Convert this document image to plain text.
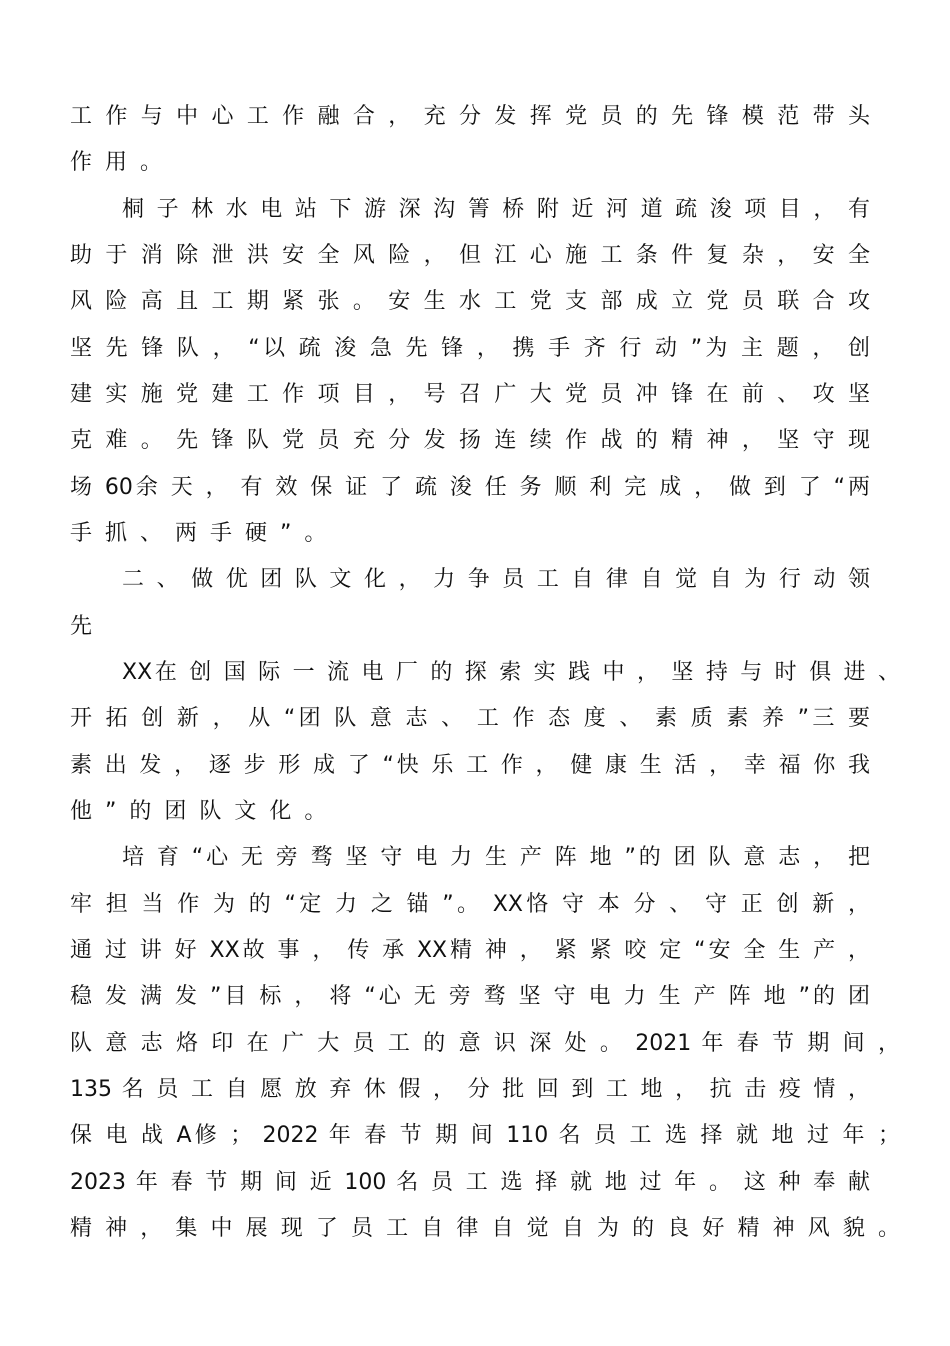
工 作 与 中 心 工 作 融 合 ， 充 分 发 挥 党 员 的 先 锋 模 范 带 头
作用。
桐 子 林 水 电 站 下 游 深 沟 箐 桥 附 近 河 道 疏 浚 项 目 ， 有
助 于 消 除 泄 洪 安 全 风 险 ， 但 江 心 施 工 条 件 复 杂 ， 安 全
风 险 高 且 工 期 紧 张 。 安 生 水 工 党 支 部 成 立 党 员 联 合 攻
坚 先 锋 队 ， “以 疏 浚 急 先 锋 ， 携 手 齐 行 动 ”为 主 题 ， 创
建 实 施 党 建 工 作 项 目 ， 号 召 广 大 党 员 冲 锋 在 前 、 攻 坚
克 难 。 先 锋 队 党 员 充 分 发 扬 连 续 作 战 的 精 神 ， 坚 守 现
场 60余 天 ， 有 效 保 证 了 疏 浚 任 务 顺 利 完 成 ， 做 到 了 “两
手抓、两手硬”。
二 、 做 优 团 队 文 化 ， 力 争 员 工 自 律 自 觉 自 为 行 动 领
先
XX在 创 国 际 一 流 电 厂 的 探 索 实 践 中 ， 坚 持 与 时 俱 进 、
开 拓 创 新 ， 从 “团 队 意 志 、 工 作 态 度 、 素 质 素 养 ”三 要
素 出 发 ， 逐 步 形 成 了 “快 乐 工 作 ， 健 康 生 活 ， 幸 福 你 我
他”的团队文化。
培 育 “心 无 旁 骛 坚 守 电 力 生 产 阵 地 ”的 团 队 意 志 ， 把
牢 担 当 作 为 的 “定 力 之 锚 ”。 XX恪 守 本 分 、 守 正 创 新 ，
通 过 讲 好 XX故 事 ， 传 承 XX精 神 ， 紧 紧 咬 定 “安 全 生 产 ，
稳 发 满 发 ”目 标 ， 将 “心 无 旁 骛 坚 守 电 力 生 产 阵 地 ”的 团
队 意 志 烙 印 在 广 大 员 工 的 意 识 深 处 。 2021 年 春 节 期 间 ，
135 名 员 工 自 愿 放 弃 休 假 ， 分 批 回 到 工 地 ， 抗 击 疫 情 ，
保 电 战 A修 ； 2022 年 春 节 期 间 110 名 员 工 选 择 就 地 过 年 ；
2023 年 春 节 期 间 近 100 名 员 工 选 择 就 地 过 年 。 这 种 奉 献
精 神 ， 集 中 展 现 了 员 工 自 律 自 觉 自 为 的 良 好 精 神 风 貌 。
